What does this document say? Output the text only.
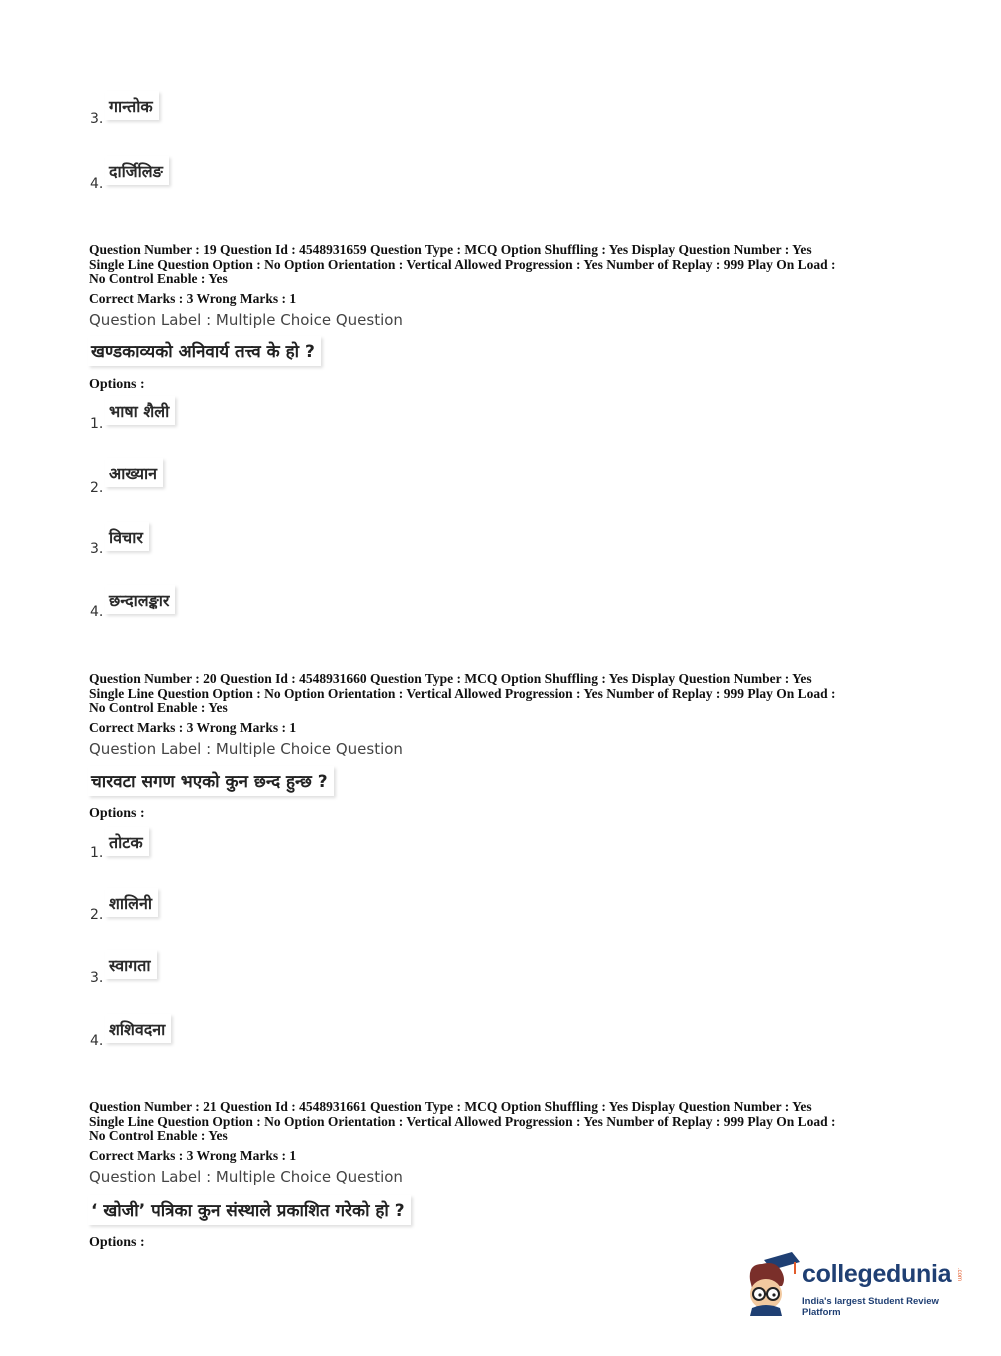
3.
गान्तोक
4.
दार्जिलिङ
Question Number : 19 Question Id : 4548931659 Question Type : MCQ Option Shuffling : Yes Display Question Number : Yes
Single Line Question Option : No Option Orientation : Vertical Allowed Progression : Yes Number of Replay : 999 Play On Load :
No Control Enable : Yes
Correct Marks : 3 Wrong Marks : 1
Question Label : Multiple Choice Question
खण्डकाव्यको अनिवार्य तत्त्व के हो ?
Options :
1.
भाषा शैली
2.
आख्यान
3.
विचार
4.
छन्दालङ्कार
Question Number : 20 Question Id : 4548931660 Question Type : MCQ Option Shuffling : Yes Display Question Number : Yes
Single Line Question Option : No Option Orientation : Vertical Allowed Progression : Yes Number of Replay : 999 Play On Load :
No Control Enable : Yes
Correct Marks : 3 Wrong Marks : 1
Question Label : Multiple Choice Question
चारवटा सगण भएको कुन छन्द हुन्छ ?
Options :
1.
तोटक
2.
शालिनी
3.
स्वागता
4.
शशिवदना
Question Number : 21 Question Id : 4548931661 Question Type : MCQ Option Shuffling : Yes Display Question Number : Yes
Single Line Question Option : No Option Orientation : Vertical Allowed Progression : Yes Number of Replay : 999 Play On Load :
No Control Enable : Yes
Correct Marks : 3 Wrong Marks : 1
Question Label : Multiple Choice Question
‘ खोजी’ पत्रिका कुन संस्थाले प्रकाशित गरेको हो ?
Options :
collegedunia .com
India's largest Student Review Platform
